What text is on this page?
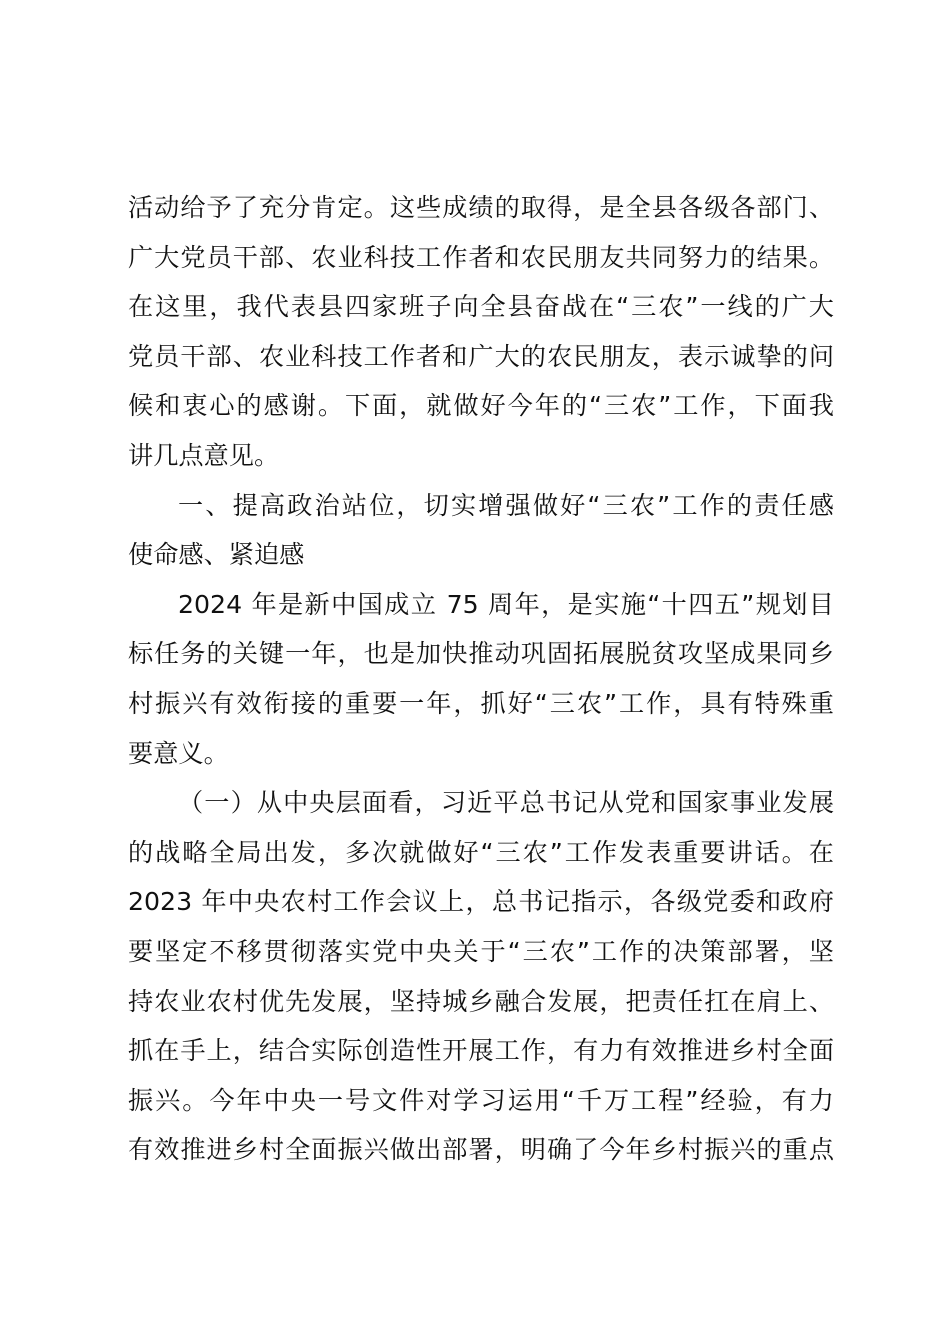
活动给予了充分肯定。这些成绩的取得，是全县各级各部门、
广大党员干部、农业科技工作者和农民朋友共同努力的结果。
在这里，我代表县四家班子向全县奋战在“三农”一线的广大
党员干部、农业科技工作者和广大的农民朋友，表示诚挚的问
候和衷心的感谢。下面，就做好今年的“三农”工作，下面我
讲几点意见。
一、提高政治站位，切实增强做好“三农”工作的责任感
使命感、紧迫感
2024 年是新中国成立 75 周年，是实施“十四五”规划目
标任务的关键一年，也是加快推动巩固拓展脱贫攻坚成果同乡
村振兴有效衔接的重要一年，抓好“三农”工作，具有特殊重
要意义。
（一）从中央层面看，习近平总书记从党和国家事业发展
的战略全局出发，多次就做好“三农”工作发表重要讲话。在
2023 年中央农村工作会议上，总书记指示，各级党委和政府
要坚定不移贯彻落实党中央关于“三农”工作的决策部署，坚
持农业农村优先发展，坚持城乡融合发展，把责任扛在肩上、
抓在手上，结合实际创造性开展工作，有力有效推进乡村全面
振兴。今年中央一号文件对学习运用“千万工程”经验，有力
有效推进乡村全面振兴做出部署，明确了今年乡村振兴的重点
